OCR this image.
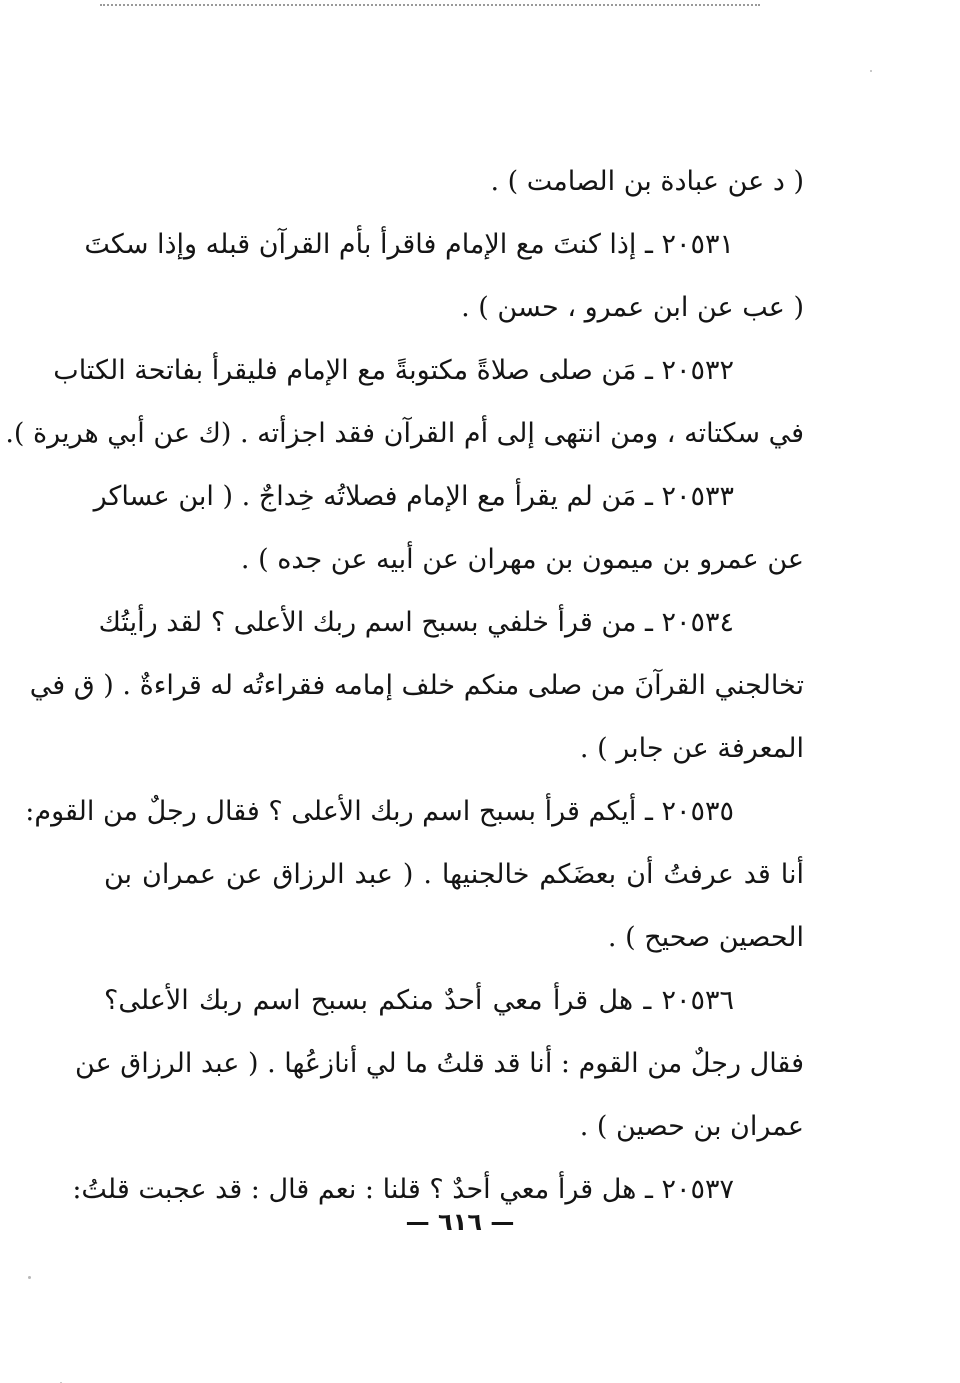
( د عن عبادة بن الصامت ) .
٢٠٥٣١ ـ إذا كنتَ مع الإمام فاقرأ بأم القرآن قبله وإذا سكتَ
( عب عن ابن عمرو ، حسن ) .
٢٠٥٣٢ ـ مَن صلى صلاةً مكتوبةً مع الإمام فليقرأ بفاتحة الكتاب
في سكتاته ، ومن انتهى إلى أم القرآن فقد اجزأته . (ك عن أبي هريرة ).
٢٠٥٣٣ ـ مَن لم يقرأ مع الإمام فصلاتُه خِداجٌ . ( ابن عساكر
عن عمرو بن ميمون بن مهران عن أبيه عن جده ) .
٢٠٥٣٤ ـ من قرأ خلفي بسبح اسم ربك الأعلى ؟ لقد رأيتُك
تخالجني القرآنَ من صلى منكم خلف إمامه فقراءتُه له قراءةٌ . ( ق في
المعرفة عن جابر ) .
٢٠٥٣٥ ـ أيكم قرأ بسبح اسم ربك الأعلى ؟ فقال رجلٌ من القوم:
أنا قد عرفتُ أن بعضَكم خالجنيها . ( عبد الرزاق عن عمران بن
الحصين صحيح ) .
٢٠٥٣٦ ـ هل قرأ معي أحدٌ منكم بسبح اسم ربك الأعلى؟
فقال رجلٌ من القوم : أنا قد قلتُ ما لي أنازعُها . ( عبد الرزاق عن
عمران بن حصين ) .
٢٠٥٣٧ ـ هل قرأ معي أحدٌ ؟ قلنا : نعم قال : قد عجبت قلتُ:
— ٦١٦ —
